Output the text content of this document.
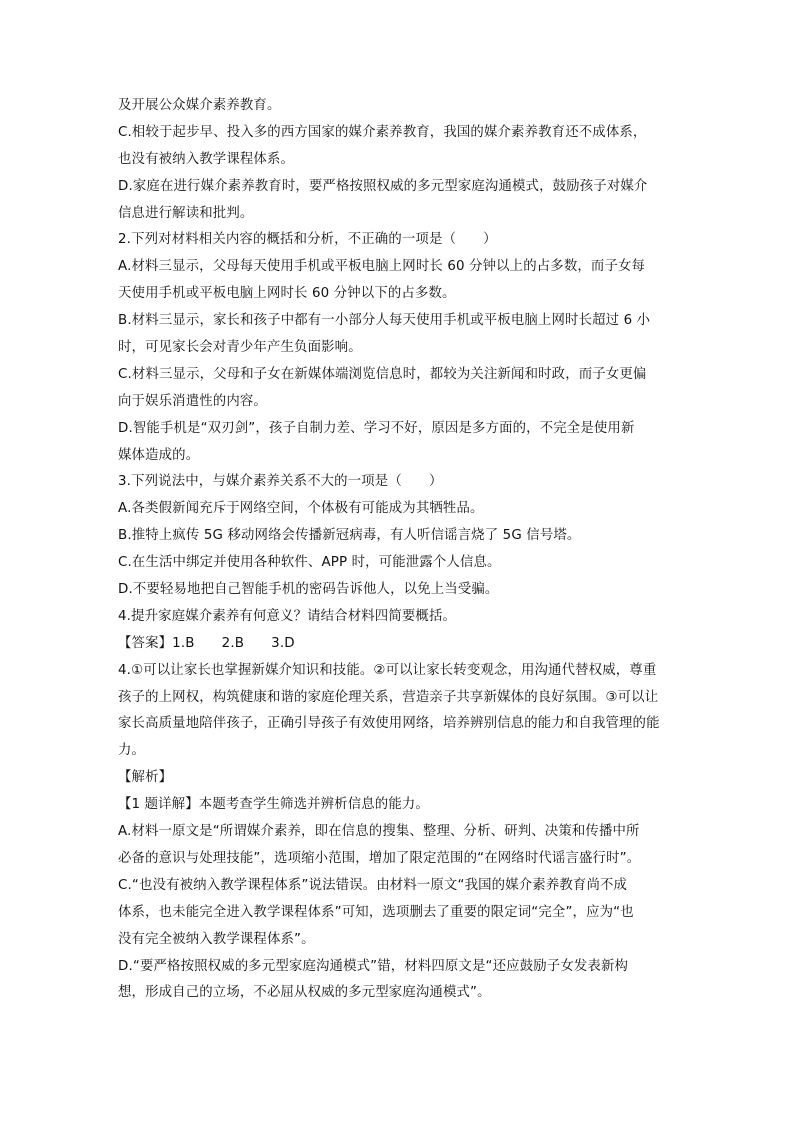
及开展公众媒介素养教育。
C.相较于起步早、投入多的西方国家的媒介素养教育，我国的媒介素养教育还不成体系，
也没有被纳入教学课程体系。
D.家庭在进行媒介素养教育时，要严格按照权威的多元型家庭沟通模式，鼓励孩子对媒介
信息进行解读和批判。
2.下列对材料相关内容的概括和分析，不正确的一项是（　　）
A.材料三显示，父母每天使用手机或平板电脑上网时长 60 分钟以上的占多数，而子女每
天使用手机或平板电脑上网时长 60 分钟以下的占多数。
B.材料三显示，家长和孩子中都有一小部分人每天使用手机或平板电脑上网时长超过 6 小
时，可见家长会对青少年产生负面影响。
C.材料三显示，父母和子女在新媒体端浏览信息时，都较为关注新闻和时政，而子女更偏
向于娱乐消遣性的内容。
D.智能手机是“双刃剑”，孩子自制力差、学习不好，原因是多方面的，不完全是使用新
媒体造成的。
3.下列说法中，与媒介素养关系不大的一项是（　　）
A.各类假新闻充斥于网络空间，个体极有可能成为其牺牲品。
B.推特上疯传 5G 移动网络会传播新冠病毒，有人听信谣言烧了 5G 信号塔。
C.在生活中绑定并使用各种软件、APP 时，可能泄露个人信息。
D.不要轻易地把自己智能手机的密码告诉他人，以免上当受骗。
4.提升家庭媒介素养有何意义？请结合材料四简要概括。
【答案】1.B　　2.B　　3.D
4.①可以让家长也掌握新媒介知识和技能。②可以让家长转变观念，用沟通代替权威，尊重
孩子的上网权，构筑健康和谐的家庭伦理关系，营造亲子共享新媒体的良好氛围。③可以让
家长高质量地陪伴孩子，正确引导孩子有效使用网络，培养辨别信息的能力和自我管理的能
力。
【解析】
【1 题详解】本题考查学生筛选并辨析信息的能力。
A.材料一原文是“所谓媒介素养，即在信息的搜集、整理、分析、研判、决策和传播中所
必备的意识与处理技能”，选项缩小范围，增加了限定范围的“在网络时代谣言盛行时”。
C.“也没有被纳入教学课程体系”说法错误。由材料一原文“我国的媒介素养教育尚不成
体系，也未能完全进入教学课程体系”可知，选项删去了重要的限定词“完全”，应为“也
没有完全被纳入教学课程体系”。
D.“要严格按照权威的多元型家庭沟通模式”错，材料四原文是“还应鼓励子女发表新构
想，形成自己的立场，不必屈从权威的多元型家庭沟通模式”。
